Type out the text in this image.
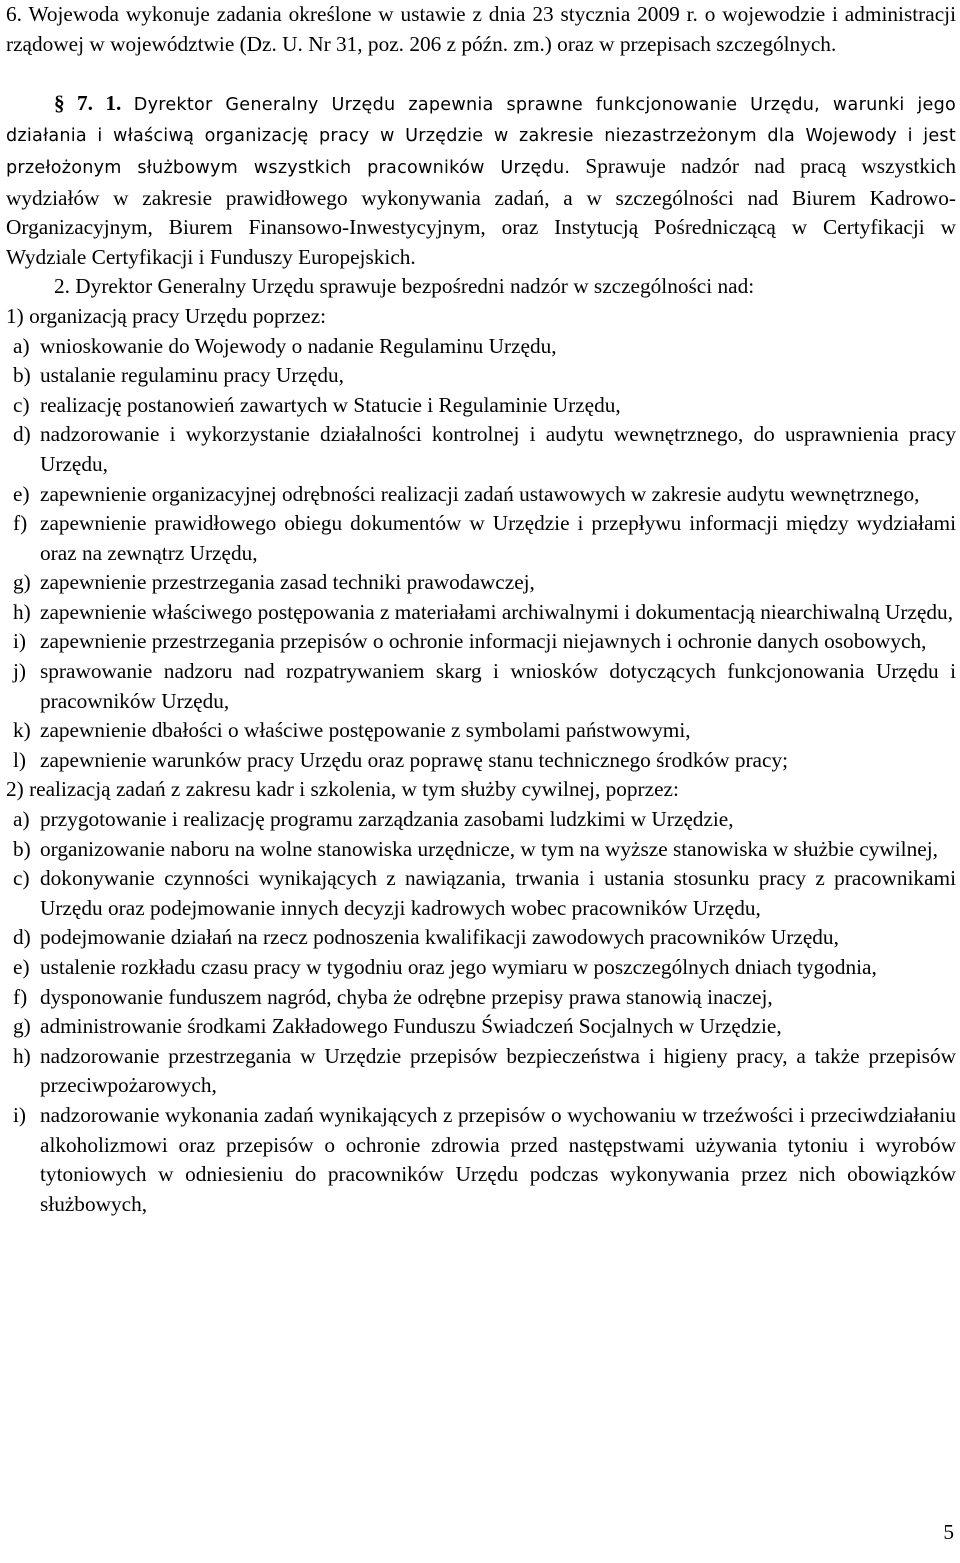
6. Wojewoda wykonuje zadania określone w ustawie z dnia 23 stycznia 2009 r. o wojewodzie i administracji rządowej w województwie (Dz. U. Nr 31, poz. 206 z późn. zm.) oraz w przepisach szczególnych.

§ 7. 1. Dyrektor Generalny Urzędu zapewnia sprawne funkcjonowanie Urzędu, warunki jego działania i właściwą organizację pracy w Urzędzie w zakresie niezastrzeżonym dla Wojewody i jest przełożonym służbowym wszystkich pracowników Urzędu. Sprawuje nadzór nad pracą wszystkich wydziałów w zakresie prawidłowego wykonywania zadań, a w szczególności nad Biurem Kadrowo-Organizacyjnym, Biurem Finansowo-Inwestycyjnym, oraz Instytucją Pośredniczącą w Certyfikacji w Wydziale Certyfikacji i Funduszy Europejskich.

2. Dyrektor Generalny Urzędu sprawuje bezpośredni nadzór w szczególności nad:

1) organizacją pracy Urzędu poprzez:

a) wnioskowanie do Wojewody o nadanie Regulaminu Urzędu,
b) ustalanie regulaminu pracy Urzędu,
c) realizację postanowień zawartych w Statucie i Regulaminie Urzędu,
d) nadzorowanie i wykorzystanie działalności kontrolnej i audytu wewnętrznego, do usprawnienia pracy Urzędu,
e) zapewnienie organizacyjnej odrębności realizacji zadań ustawowych w zakresie audytu wewnętrznego,
f) zapewnienie prawidłowego obiegu dokumentów w Urzędzie i przepływu informacji między wydziałami oraz na zewnątrz Urzędu,
g) zapewnienie przestrzegania zasad techniki prawodawczej,
h) zapewnienie właściwego postępowania z materiałami archiwalnymi i dokumentacją niearchiwalną Urzędu,
i) zapewnienie przestrzegania przepisów o ochronie informacji niejawnych i ochronie danych osobowych,
j) sprawowanie nadzoru nad rozpatrywaniem skarg i wniosków dotyczących funkcjonowania Urzędu i pracowników Urzędu,
k) zapewnienie dbałości o właściwe postępowanie z symbolami państwowymi,
l) zapewnienie warunków pracy Urzędu oraz poprawę stanu technicznego środków pracy;

2) realizacją zadań z zakresu kadr i szkolenia, w tym służby cywilnej, poprzez:

a) przygotowanie i realizację programu zarządzania zasobami ludzkimi w Urzędzie,
b) organizowanie naboru na wolne stanowiska urzędnicze, w tym na wyższe stanowiska w służbie cywilnej,
c) dokonywanie czynności wynikających z nawiązania, trwania i ustania stosunku pracy z pracownikami Urzędu oraz podejmowanie innych decyzji kadrowych wobec pracowników Urzędu,
d) podejmowanie działań na rzecz podnoszenia kwalifikacji zawodowych pracowników Urzędu,
e) ustalenie rozkładu czasu pracy w tygodniu oraz jego wymiaru w poszczególnych dniach tygodnia,
f) dysponowanie funduszem nagród, chyba że odrębne przepisy prawa stanowią inaczej,
g) administrowanie środkami Zakładowego Funduszu Świadczeń Socjalnych w Urzędzie,
h) nadzorowanie przestrzegania w Urzędzie przepisów bezpieczeństwa i higieny pracy, a także przepisów przeciwpożarowych,
i) nadzorowanie wykonania zadań wynikających z przepisów o wychowaniu w trzeźwości i przeciwdziałaniu alkoholizmowi oraz przepisów o ochronie zdrowia przed następstwami używania tytoniu i wyrobów tytoniowych w odniesieniu do pracowników Urzędu podczas wykonywania przez nich obowiązków służbowych,
5
